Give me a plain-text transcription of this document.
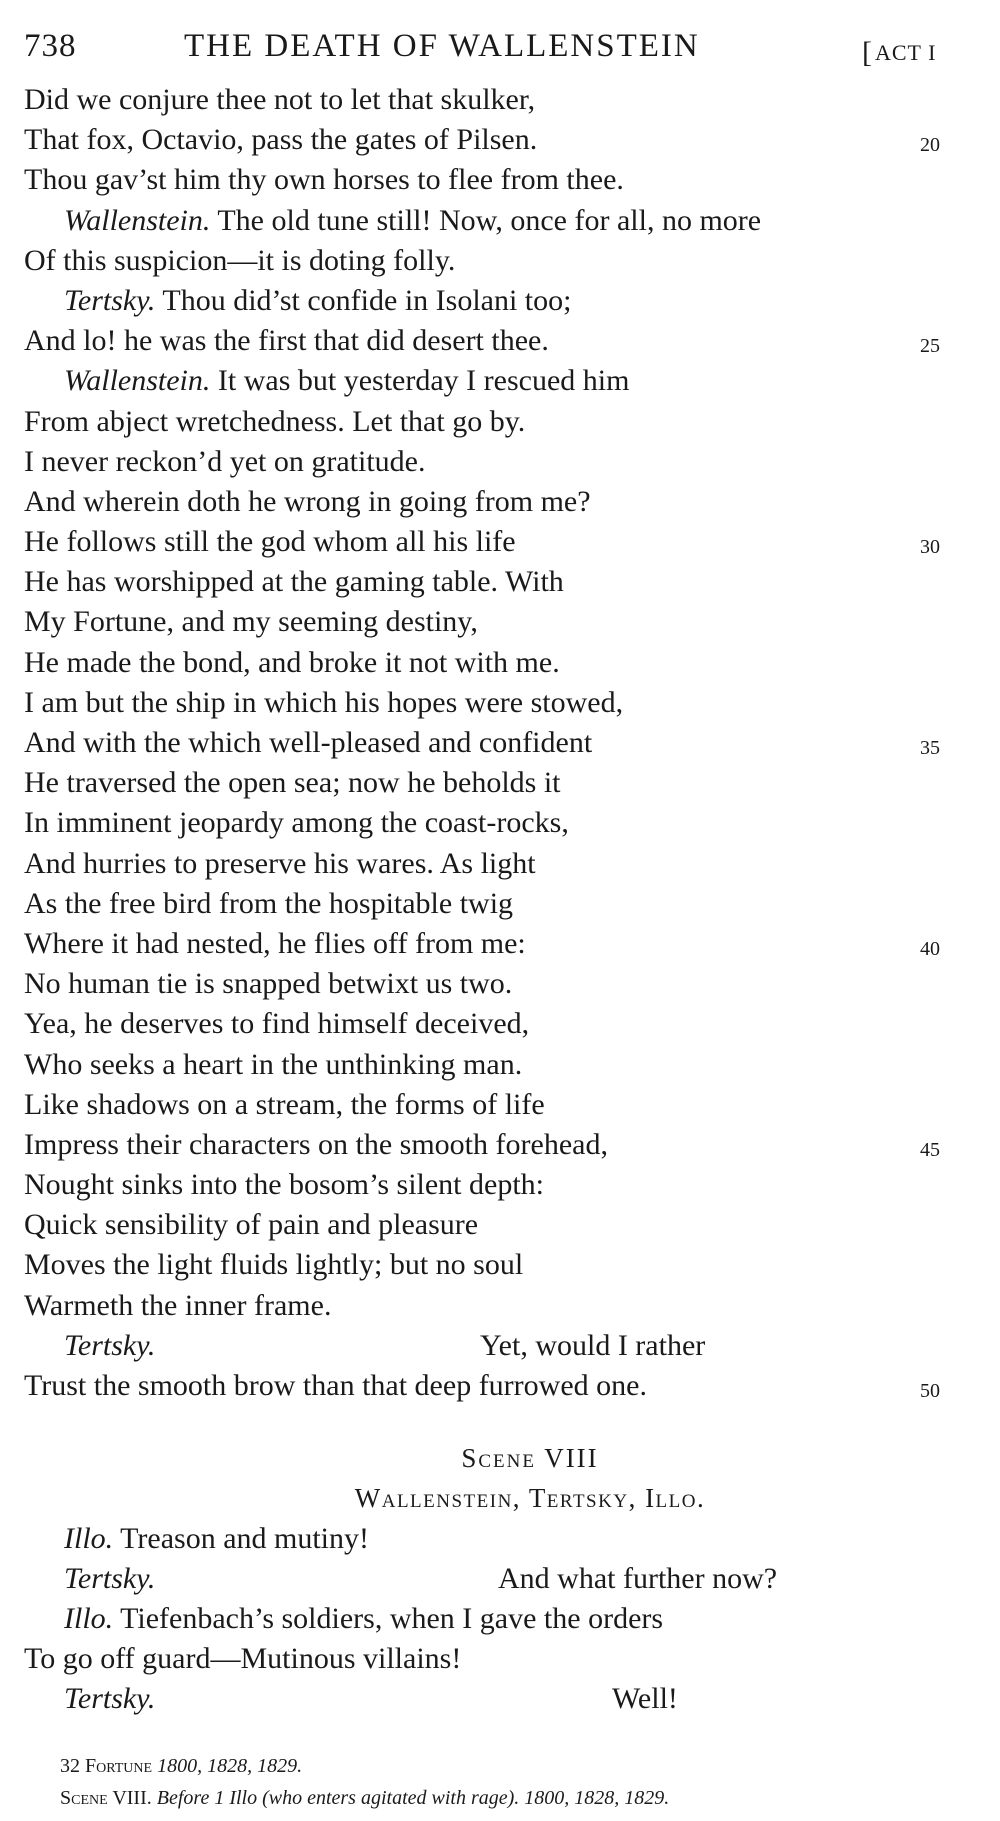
738	THE DEATH OF WALLENSTEIN	[ACT I
Did we conjure thee not to let that skulker,
That fox, Octavio, pass the gates of Pilsen.	20
Thou gav’st him thy own horses to flee from thee.
Wallenstein. The old tune still! Now, once for all, no more
Of this suspicion—it is doting folly.
Tertsky. Thou did’st confide in Isolani too;
And lo! he was the first that did desert thee.	25
Wallenstein. It was but yesterday I rescued him
From abject wretchedness. Let that go by.
I never reckon’d yet on gratitude.
And wherein doth he wrong in going from me?
He follows still the god whom all his life	30
He has worshipped at the gaming table. With
My Fortune, and my seeming destiny,
He made the bond, and broke it not with me.
I am but the ship in which his hopes were stowed,
And with the which well-pleased and confident	35
He traversed the open sea; now he beholds it
In imminent jeopardy among the coast-rocks,
And hurries to preserve his wares. As light
As the free bird from the hospitable twig
Where it had nested, he flies off from me:	40
No human tie is snapped betwixt us two.
Yea, he deserves to find himself deceived,
Who seeks a heart in the unthinking man.
Like shadows on a stream, the forms of life
Impress their characters on the smooth forehead,	45
Nought sinks into the bosom’s silent depth:
Quick sensibility of pain and pleasure
Moves the light fluids lightly; but no soul
Warmeth the inner frame.
Tertsky.	Yet, would I rather
Trust the smooth brow than that deep furrowed one.	50
Scene VIII
Wallenstein, Tertsky, Illo.
Illo. Treason and mutiny!
Tertsky.	And what further now?
Illo. Tiefenbach’s soldiers, when I gave the orders
To go off guard—Mutinous villains!
Tertsky.	Well!
32 Fortune 1800, 1828, 1829.
Scene VIII. Before 1 Illo (who enters agitated with rage). 1800, 1828, 1829.
